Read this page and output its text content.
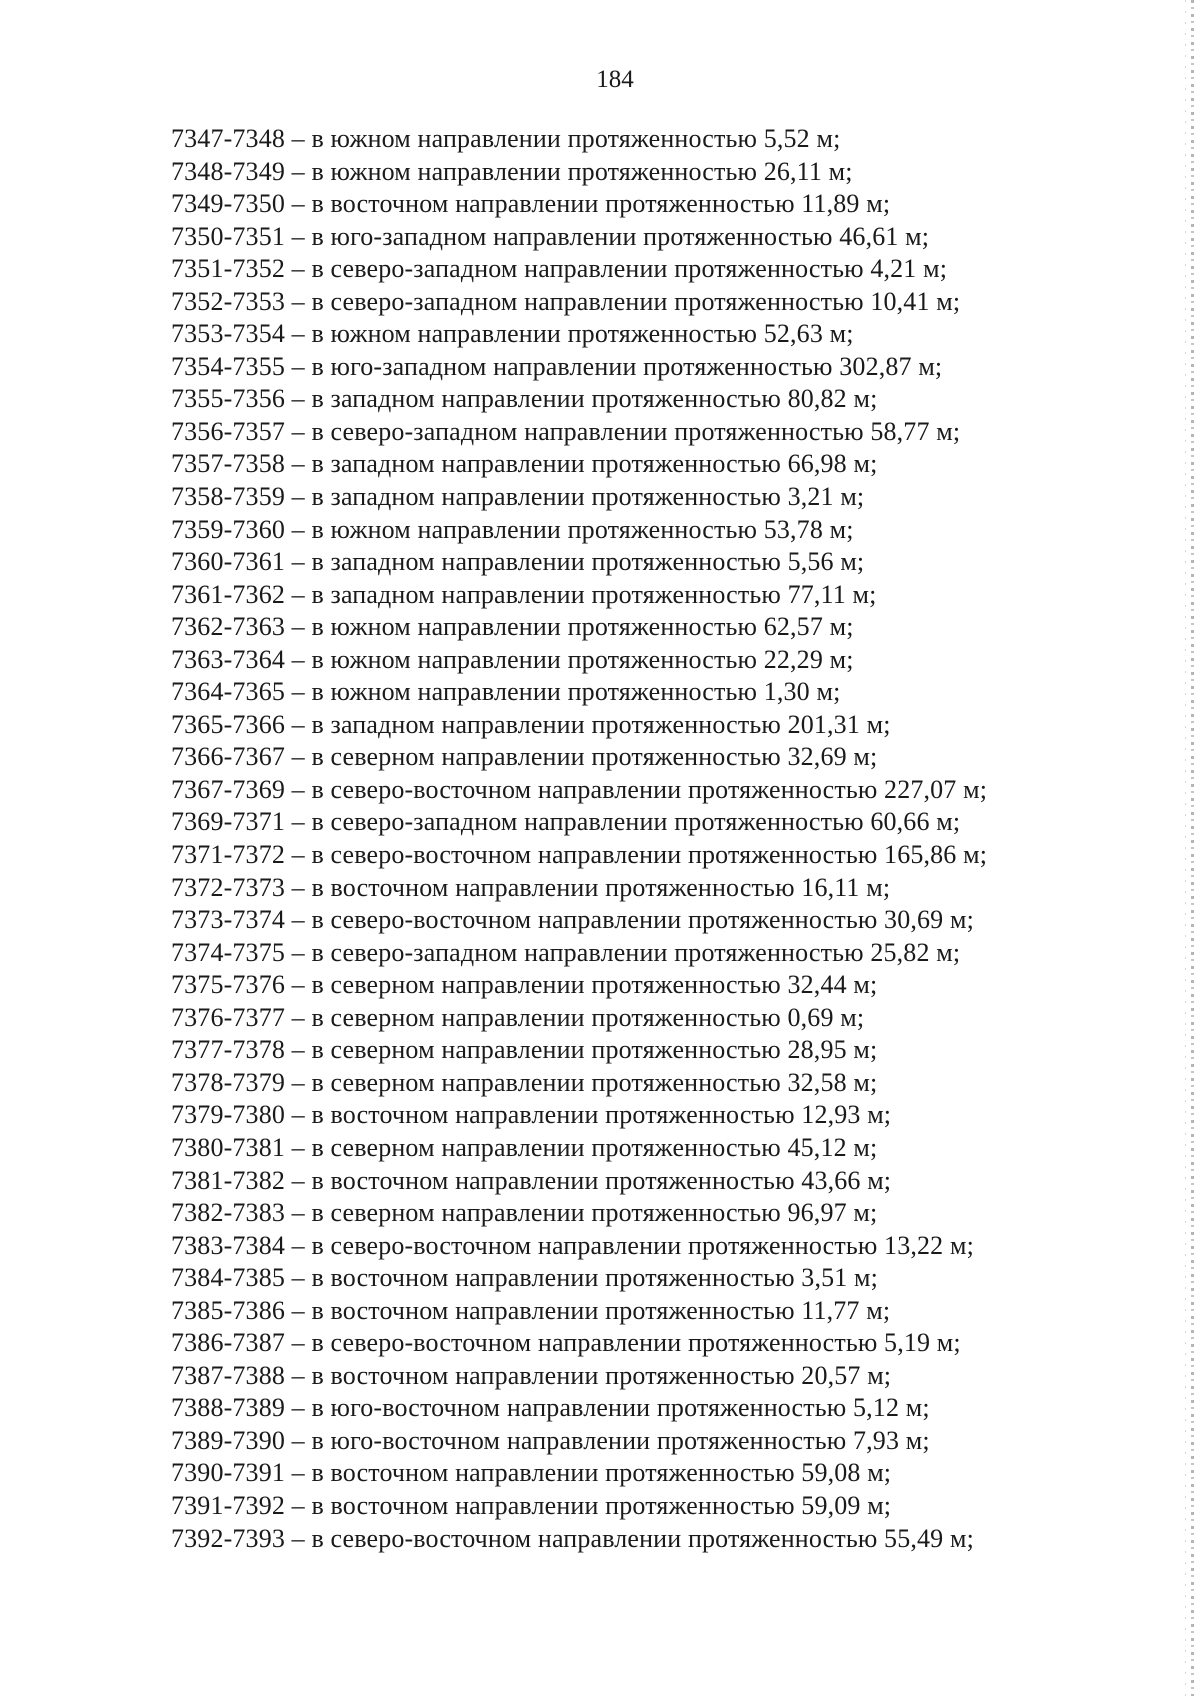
184
7347-7348 – в южном направлении протяженностью 5,52 м;
7348-7349 – в южном направлении протяженностью 26,11 м;
7349-7350 – в восточном направлении протяженностью 11,89 м;
7350-7351 – в юго-западном направлении протяженностью 46,61 м;
7351-7352 – в северо-западном направлении протяженностью 4,21 м;
7352-7353 – в северо-западном направлении протяженностью 10,41 м;
7353-7354 – в южном направлении протяженностью 52,63 м;
7354-7355 – в юго-западном направлении протяженностью 302,87 м;
7355-7356 – в западном направлении протяженностью 80,82 м;
7356-7357 – в северо-западном направлении протяженностью 58,77 м;
7357-7358 – в западном направлении протяженностью 66,98 м;
7358-7359 – в западном направлении протяженностью 3,21 м;
7359-7360 – в южном направлении протяженностью 53,78 м;
7360-7361 – в западном направлении протяженностью 5,56 м;
7361-7362 – в западном направлении протяженностью 77,11 м;
7362-7363 – в южном направлении протяженностью 62,57 м;
7363-7364 – в южном направлении протяженностью 22,29 м;
7364-7365 – в южном направлении протяженностью 1,30 м;
7365-7366 – в западном направлении протяженностью 201,31 м;
7366-7367 – в северном направлении протяженностью 32,69 м;
7367-7369 – в северо-восточном направлении протяженностью 227,07 м;
7369-7371 – в северо-западном направлении протяженностью 60,66 м;
7371-7372 – в северо-восточном направлении протяженностью 165,86 м;
7372-7373 – в восточном направлении протяженностью 16,11 м;
7373-7374 – в северо-восточном направлении протяженностью 30,69 м;
7374-7375 – в северо-западном направлении протяженностью 25,82 м;
7375-7376 – в северном направлении протяженностью 32,44 м;
7376-7377 – в северном направлении протяженностью 0,69 м;
7377-7378 – в северном направлении протяженностью 28,95 м;
7378-7379 – в северном направлении протяженностью 32,58 м;
7379-7380 – в восточном направлении протяженностью 12,93 м;
7380-7381 – в северном направлении протяженностью 45,12 м;
7381-7382 – в восточном направлении протяженностью 43,66 м;
7382-7383 – в северном направлении протяженностью 96,97 м;
7383-7384 – в северо-восточном направлении протяженностью 13,22 м;
7384-7385 – в восточном направлении протяженностью 3,51 м;
7385-7386 – в восточном направлении протяженностью 11,77 м;
7386-7387 – в северо-восточном направлении протяженностью 5,19 м;
7387-7388 – в восточном направлении протяженностью 20,57 м;
7388-7389 – в юго-восточном направлении протяженностью 5,12 м;
7389-7390 – в юго-восточном направлении протяженностью 7,93 м;
7390-7391 – в восточном направлении протяженностью 59,08 м;
7391-7392 – в восточном направлении протяженностью 59,09 м;
7392-7393 – в северо-восточном направлении протяженностью 55,49 м;
